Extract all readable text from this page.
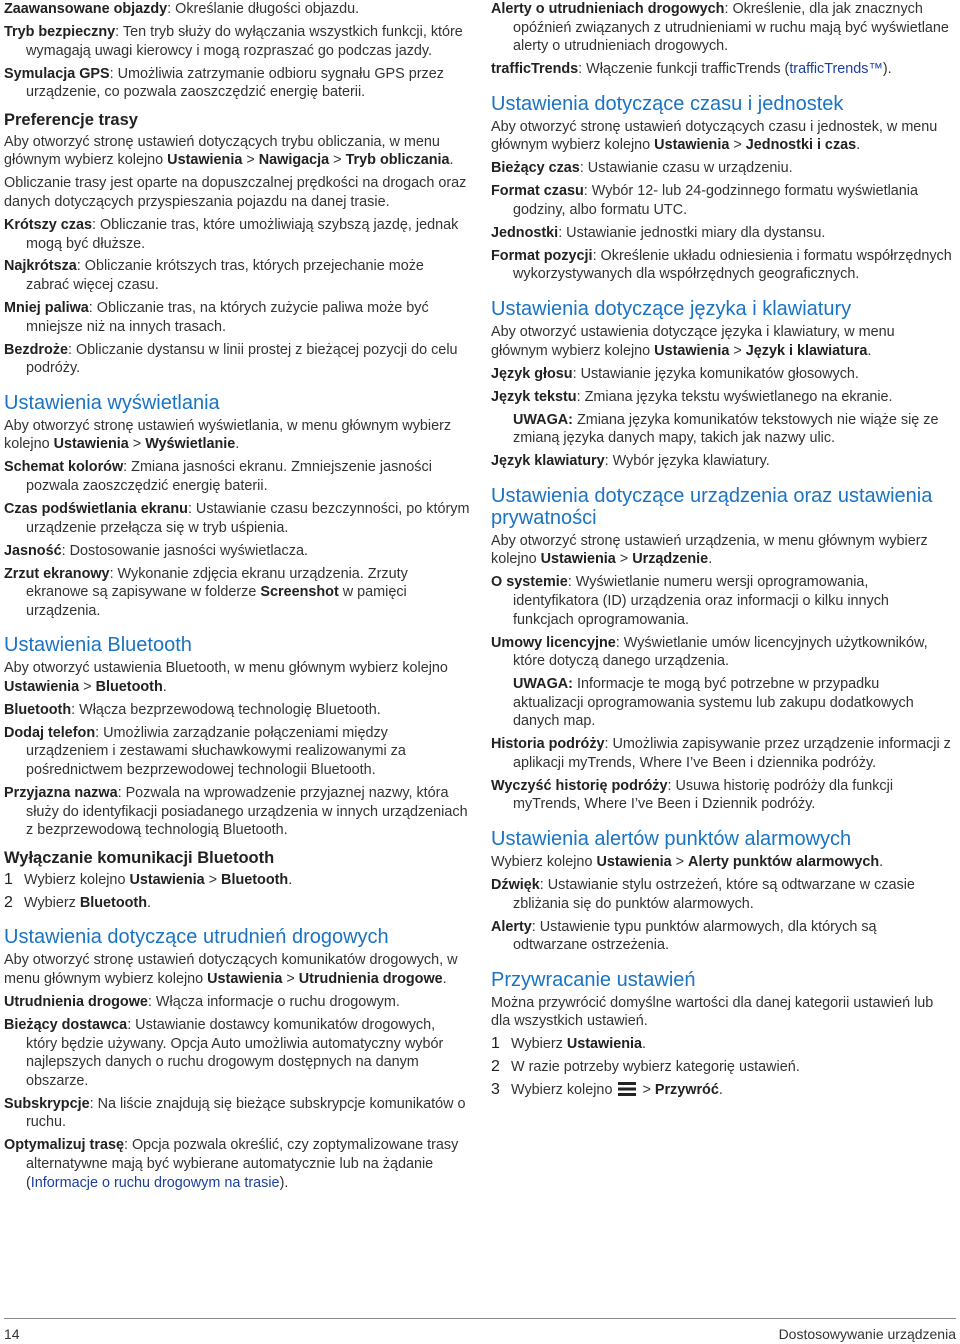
Zaawansowane objazdy: Określanie długości objazdu.

Tryb bezpieczny: Ten tryb służy do wyłączania wszystkich funkcji, które wymagają uwagi kierowcy i mogą rozpraszać go podczas jazdy.

Symulacja GPS: Umożliwia zatrzymanie odbioru sygnału GPS przez urządzenie, co pozwala zaoszczędzić energię baterii.

Preferencje trasy

Aby otworzyć stronę ustawień dotyczących trybu obliczania, w menu głównym wybierz kolejno Ustawienia > Nawigacja > Tryb obliczania.

Obliczanie trasy jest oparte na dopuszczalnej prędkości na drogach oraz danych dotyczących przyspieszania pojazdu na danej trasie.

Krótszy czas: Obliczanie tras, które umożliwiają szybszą jazdę, jednak mogą być dłuższe.

Najkrótsza: Obliczanie krótszych tras, których przejechanie może zabrać więcej czasu.

Mniej paliwa: Obliczanie tras, na których zużycie paliwa może być mniejsze niż na innych trasach.

Bezdroże: Obliczanie dystansu w linii prostej z bieżącej pozycji do celu podróży.

Ustawienia wyświetlania

Aby otworzyć stronę ustawień wyświetlania, w menu głównym wybierz kolejno Ustawienia > Wyświetlanie.

Schemat kolorów: Zmiana jasności ekranu. Zmniejszenie jasności pozwala zaoszczędzić energię baterii.

Czas podświetlania ekranu: Ustawianie czasu bezczynności, po którym urządzenie przełącza się w tryb uśpienia.

Jasność: Dostosowanie jasności wyświetlacza.

Zrzut ekranowy: Wykonanie zdjęcia ekranu urządzenia. Zrzuty ekranowe są zapisywane w folderze Screenshot w pamięci urządzenia.

Ustawienia Bluetooth

Aby otworzyć ustawienia Bluetooth, w menu głównym wybierz kolejno Ustawienia > Bluetooth.

Bluetooth: Włącza bezprzewodową technologię Bluetooth.

Dodaj telefon: Umożliwia zarządzanie połączeniami między urządzeniem i zestawami słuchawkowymi realizowanymi za pośrednictwem bezprzewodowej technologii Bluetooth.

Przyjazna nazwa: Pozwala na wprowadzenie przyjaznej nazwy, która służy do identyfikacji posiadanego urządzenia w innych urządzeniach z bezprzewodową technologią Bluetooth.

Wyłączanie komunikacji Bluetooth
1 Wybierz kolejno Ustawienia > Bluetooth.
2 Wybierz Bluetooth.
Ustawienia dotyczące utrudnień drogowych

Aby otworzyć stronę ustawień dotyczących komunikatów drogowych, w menu głównym wybierz kolejno Ustawienia > Utrudnienia drogowe.

Utrudnienia drogowe: Włącza informacje o ruchu drogowym.

Bieżący dostawca: Ustawianie dostawcy komunikatów drogowych, który będzie używany. Opcja Auto umożliwia automatyczny wybór najlepszych danych o ruchu drogowym dostępnych na danym obszarze.

Subskrypcje: Na liście znajdują się bieżące subskrypcje komunikatów o ruchu.

Optymalizuj trasę: Opcja pozwala określić, czy zoptymalizowane trasy alternatywne mają być wybierane automatycznie lub na żądanie (Informacje o ruchu drogowym na trasie).

Alerty o utrudnieniach drogowych: Określenie, dla jak znacznych opóźnień związanych z utrudnieniami w ruchu mają być wyświetlane alerty o utrudnieniach drogowych.

trafficTrends: Włączenie funkcji trafficTrends (trafficTrends™).

Ustawienia dotyczące czasu i jednostek

Aby otworzyć stronę ustawień dotyczących czasu i jednostek, w menu głównym wybierz kolejno Ustawienia > Jednostki i czas.

Bieżący czas: Ustawianie czasu w urządzeniu.

Format czasu: Wybór 12- lub 24-godzinnego formatu wyświetlania godziny, albo formatu UTC.

Jednostki: Ustawianie jednostki miary dla dystansu.

Format pozycji: Określenie układu odniesienia i formatu współrzędnych wykorzystywanych dla współrzędnych geograficznych.

Ustawienia dotyczące języka i klawiatury

Aby otworzyć ustawienia dotyczące języka i klawiatury, w menu głównym wybierz kolejno Ustawienia > Język i klawiatura.

Język głosu: Ustawianie języka komunikatów głosowych.

Język tekstu: Zmiana języka tekstu wyświetlanego na ekranie.

UWAGA: Zmiana języka komunikatów tekstowych nie wiąże się ze zmianą języka danych mapy, takich jak nazwy ulic.

Język klawiatury: Wybór języka klawiatury.

Ustawienia dotyczące urządzenia oraz ustawienia prywatności

Aby otworzyć stronę ustawień urządzenia, w menu głównym wybierz kolejno Ustawienia > Urządzenie.

O systemie: Wyświetlanie numeru wersji oprogramowania, identyfikatora (ID) urządzenia oraz informacji o kilku innych funkcjach oprogramowania.

Umowy licencyjne: Wyświetlanie umów licencyjnych użytkowników, które dotyczą danego urządzenia.

UWAGA: Informacje te mogą być potrzebne w przypadku aktualizacji oprogramowania systemu lub zakupu dodatkowych danych map.

Historia podróży: Umożliwia zapisywanie przez urządzenie informacji z aplikacji myTrends, Where I’ve Been i dziennika podróży.

Wyczyść historię podróży: Usuwa historię podróży dla funkcji myTrends, Where I’ve Been i Dziennik podróży.

Ustawienia alertów punktów alarmowych

Wybierz kolejno Ustawienia > Alerty punktów alarmowych.

Dźwięk: Ustawianie stylu ostrzeżeń, które są odtwarzane w czasie zbliżania się do punktów alarmowych.

Alerty: Ustawienie typu punktów alarmowych, dla których są odtwarzane ostrzeżenia.

Przywracanie ustawień

Można przywrócić domyślne wartości dla danej kategorii ustawień lub dla wszystkich ustawień.

1 Wybierz Ustawienia.
2 W razie potrzeby wybierz kategorię ustawień.
3 Wybierz kolejno  > Przywróć.
14	Dostosowywanie urządzenia
